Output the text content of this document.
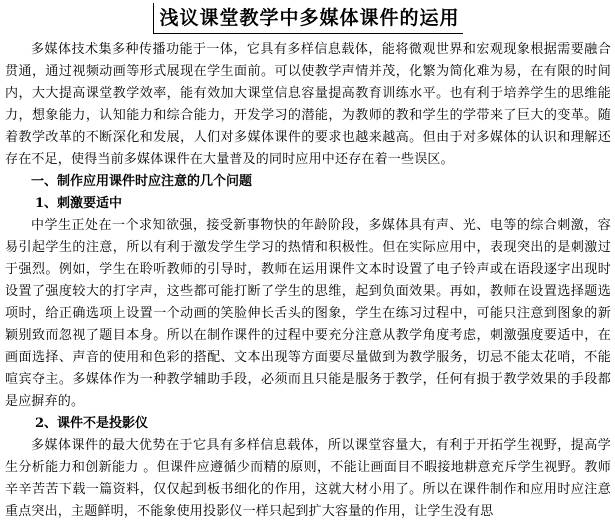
浅议课堂教学中多媒体课件的运用

多媒体技术集多种传播功能于一体，它具有多样信息载体，能将微观世界和宏观现象根据需要融合贯通，通过视频动画等形式展现在学生面前。可以使教学声情并茂，化繁为简化难为易，在有限的时间内，大大提高课堂教学效率，能有效加大课堂信息容量提高教育训练水平。也有利于培养学生的思维能力，想象能力，认知能力和综合能力，开发学习的潜能，为教师的教和学生的学带来了巨大的变革。随着教学改革的不断深化和发展，人们对多媒体课件的要求也越来越高。但由于对多媒体的认识和理解还存在不足，使得当前多媒体课件在大量普及的同时应用中还存在着一些误区。

一、制作应用课件时应注意的几个问题

1、刺激要适中

中学生正处在一个求知欲强，接受新事物快的年龄阶段，多媒体具有声、光、电等的综合刺激，容易引起学生的注意，所以有利于激发学生学习的热情和积极性。但在实际应用中，表现突出的是刺激过于强烈。例如，学生在聆听教师的引导时，教师在运用课件文本时设置了电子铃声或在语段逐字出现时设置了强度较大的打字声，这些都可能打断了学生的思维，起到负面效果。再如，教师在设置选择题选项时，给正确选项上设置一个动画的笑脸伸长舌头的图象，学生在练习过程中，可能只注意到图象的新颖别致而忽视了题目本身。所以在制作课件的过程中要充分注意从教学角度考虑，刺激强度要适中，在画面选择、声音的使用和色彩的搭配、文本出现等方面要尽量做到为教学服务，切忌不能太花哨，不能喧宾夺主。多媒体作为一种教学辅助手段，必须而且只能是服务于教学，任何有损于教学效果的手段都是应摒弃的。

2、课件不是投影仪

多媒体课件的最大优势在于它具有多样信息载体，所以课堂容量大，有利于开拓学生视野，提高学生分析能力和创新能力 。但课件应遵循少而精的原则，不能让画面目不暇接地耕意充斥学生视野。教师辛辛苦苦下载一篇资料，仅仅起到板书细化的作用，这就大材小用了。所以在课件制作和应用时应注意重点突出，主题鲜明，不能象使用投影仪一样只起到扩大容量的作用，让学生没有思
